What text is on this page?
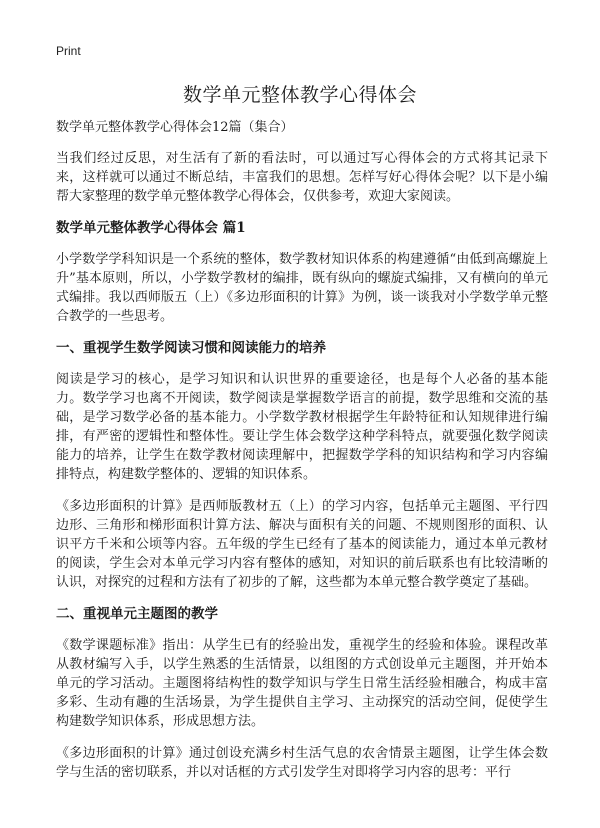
Print
数学单元整体教学心得体会

数学单元整体教学心得体会12篇（集合）

当我们经过反思，对生活有了新的看法时，可以通过写心得体会的方式将其记录下来，这样就可以通过不断总结，丰富我们的思想。怎样写好心得体会呢？以下是小编帮大家整理的数学单元整体教学心得体会，仅供参考，欢迎大家阅读。

数学单元整体教学心得体会 篇1

小学数学学科知识是一个系统的整体，数学教材知识体系的构建遵循“由低到高螺旋上升”基本原则，所以，小学数学教材的编排，既有纵向的螺旋式编排，又有横向的单元式编排。我以西师版五（上）《多边形面积的计算》为例，谈一谈我对小学数学单元整合教学的一些思考。

一、重视学生数学阅读习惯和阅读能力的培养

阅读是学习的核心，是学习知识和认识世界的重要途径，也是每个人必备的基本能力。数学学习也离不开阅读，数学阅读是掌握数学语言的前提，数学思维和交流的基础，是学习数学必备的基本能力。小学数学教材根据学生年龄特征和认知规律进行编排，有严密的逻辑性和整体性。要让学生体会数学这种学科特点，就要强化数学阅读能力的培养，让学生在数学教材阅读理解中，把握数学学科的知识结构和学习内容编排特点，构建数学整体的、逻辑的知识体系。

《多边形面积的计算》是西师版教材五（上）的学习内容，包括单元主题图、平行四边形、三角形和梯形面积计算方法、解决与面积有关的问题、不规则图形的面积、认识平方千米和公顷等内容。五年级的学生已经有了基本的阅读能力，通过本单元教材的阅读，学生会对本单元学习内容有整体的感知，对知识的前后联系也有比较清晰的认识，对探究的过程和方法有了初步的了解，这些都为本单元整合教学奠定了基础。

二、重视单元主题图的教学

《数学课题标准》指出：从学生已有的经验出发，重视学生的经验和体验。课程改革从教材编写入手，以学生熟悉的生活情景，以组图的方式创设单元主题图，并开始本单元的学习活动。主题图将结构性的数学知识与学生日常生活经验相融合，构成丰富多彩、生动有趣的生活场景，为学生提供自主学习、主动探究的活动空间，促使学生构建数学知识体系，形成思想方法。

《多边形面积的计算》通过创设充满乡村生活气息的农舍情景主题图，让学生体会数学与生活的密切联系，并以对话框的方式引发学生对即将学习内容的思考：平行
